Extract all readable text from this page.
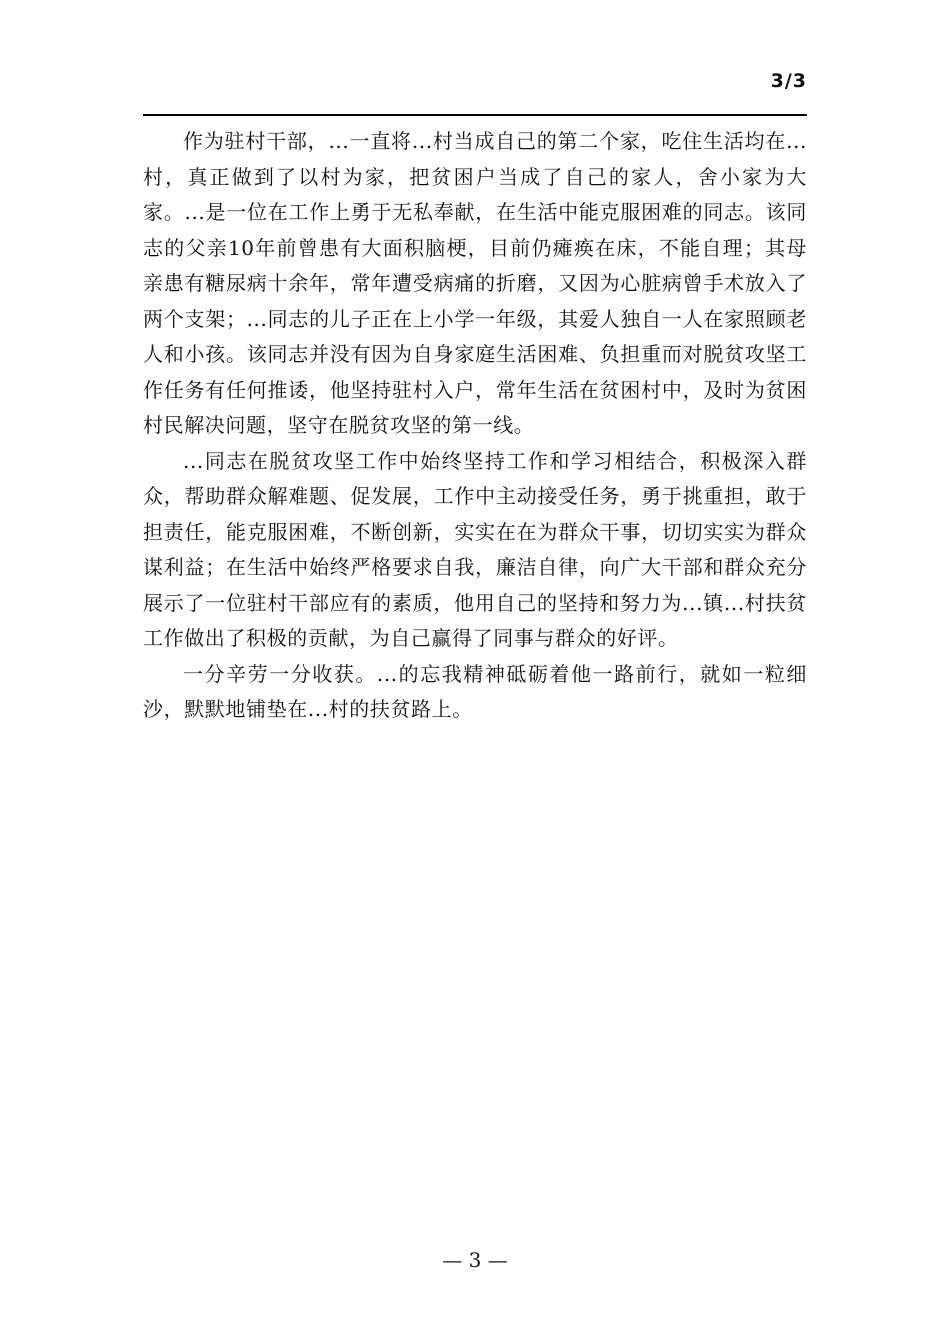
3/3

作为驻村干部，...一直将...村当成自己的第二个家，吃住生活均在...村，真正做到了以村为家，把贫困户当成了自己的家人，舍小家为大家。...是一位在工作上勇于无私奉献，在生活中能克服困难的同志。该同志的父亲10年前曾患有大面积脑梗，目前仍瘫痪在床，不能自理；其母亲患有糖尿病十余年，常年遭受病痛的折磨，又因为心脏病曾手术放入了两个支架；...同志的儿子正在上小学一年级，其爱人独自一人在家照顾老人和小孩。该同志并没有因为自身家庭生活困难、负担重而对脱贫攻坚工作任务有任何推诿，他坚持驻村入户，常年生活在贫困村中，及时为贫困村民解决问题，坚守在脱贫攻坚的第一线。

...同志在脱贫攻坚工作中始终坚持工作和学习相结合，积极深入群众，帮助群众解难题、促发展，工作中主动接受任务，勇于挑重担，敢于担责任，能克服困难，不断创新，实实在在为群众干事，切切实实为群众谋利益；在生活中始终严格要求自我，廉洁自律，向广大干部和群众充分展示了一位驻村干部应有的素质，他用自己的坚持和努力为...镇...村扶贫工作做出了积极的贡献，为自己赢得了同事与群众的好评。

一分辛劳一分收获。...的忘我精神砥砺着他一路前行，就如一粒细沙，默默地铺垫在...村的扶贫路上。

— 3 —
